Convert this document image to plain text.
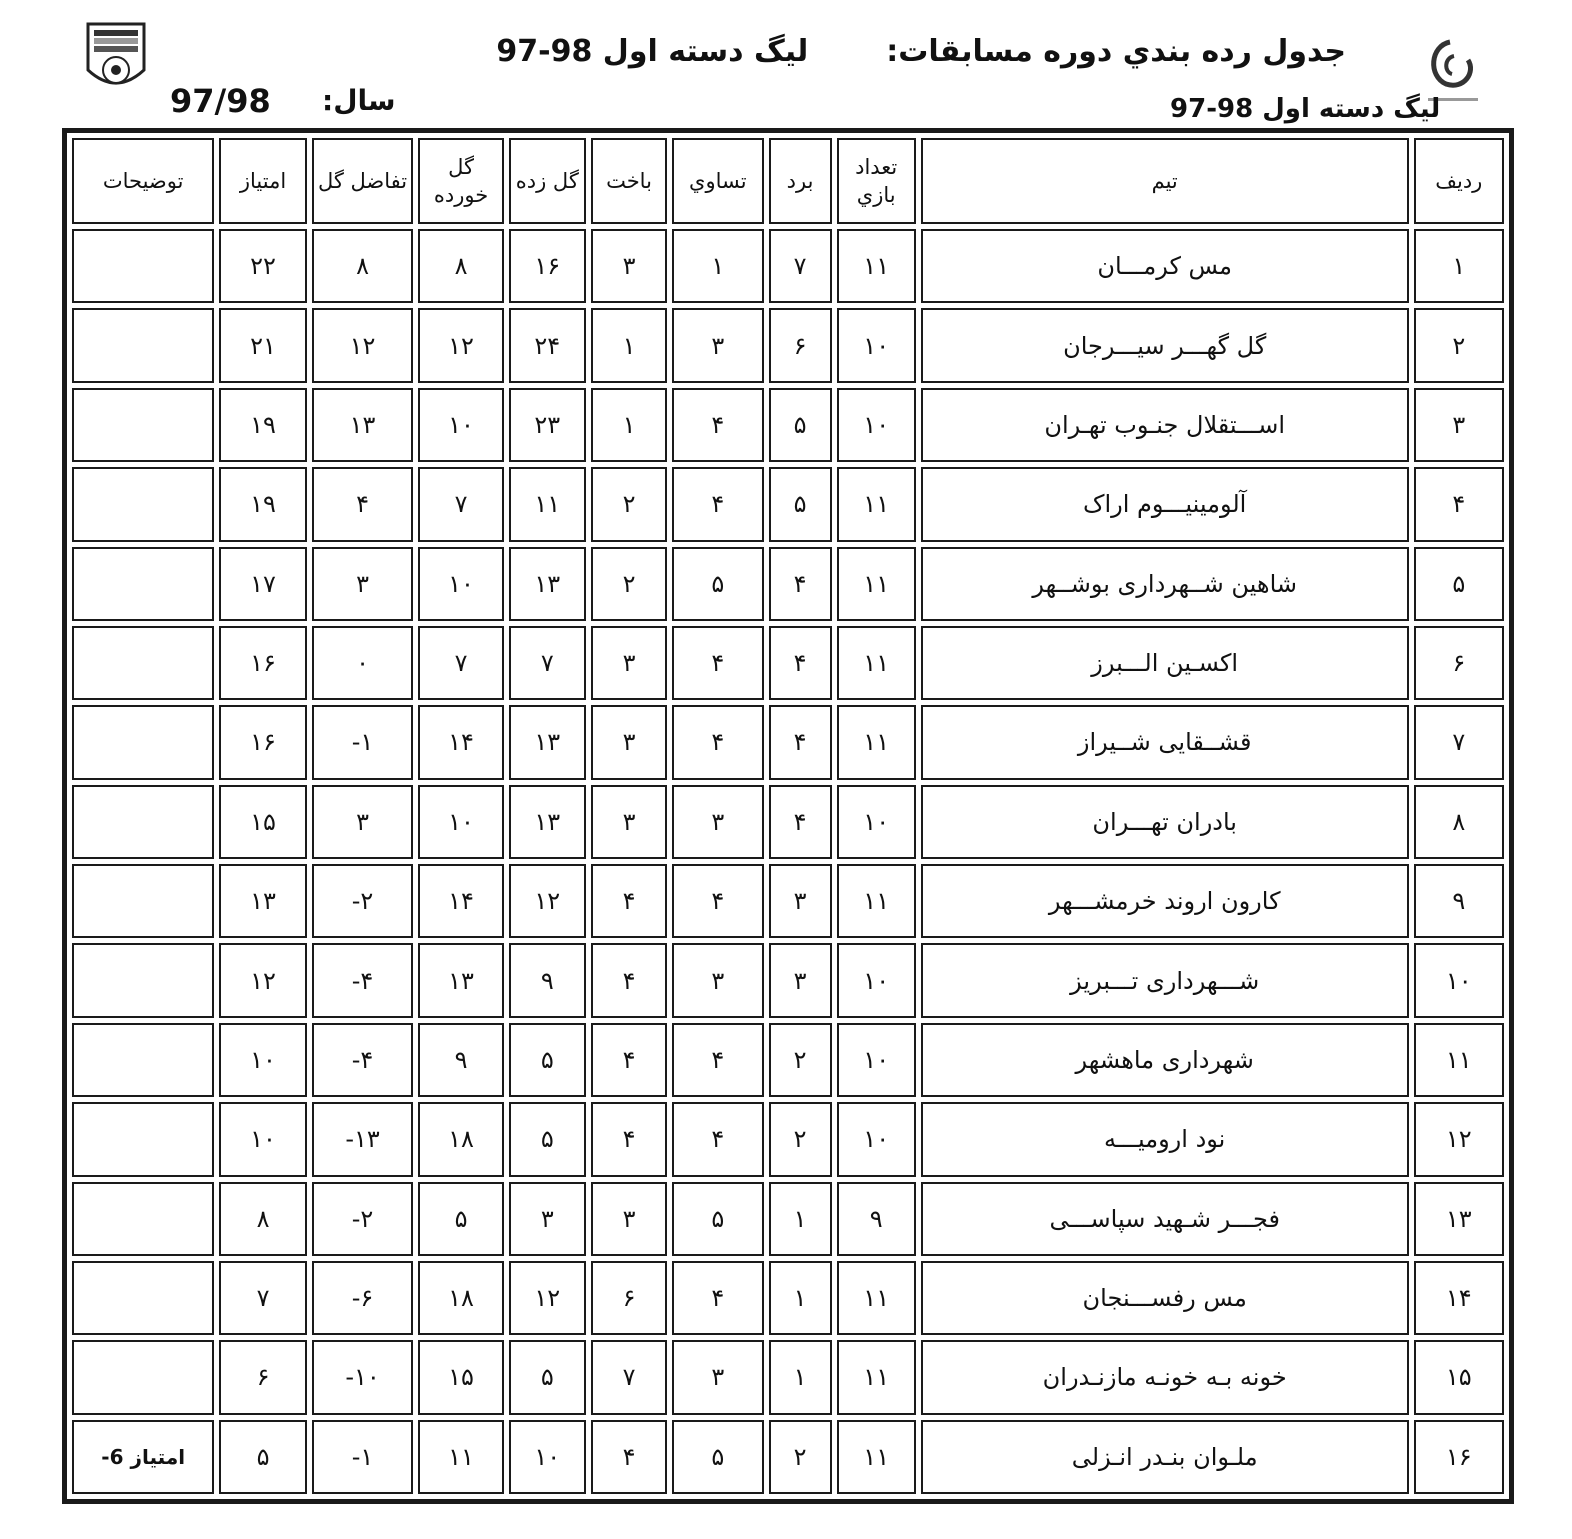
جدول رده بندي دوره مسابقات:ليگ دسته اول 98-97
سال:
97/98	ليگ دسته اول 98-97
رديف	تيم	تعداد بازي	برد	تساوي	باخت	گل زده	گل خورده	تفاضل گل	امتياز	توضيحات
۱	مس کرمـــان	۱۱	۷	۱	۳	۱۶	۸	۸	۲۲	
۲	گل گهـــر سيـــرجان	۱۰	۶	۳	۱	۲۴	۱۲	۱۲	۲۱	
۳	اســـتقلال جنـوب تهـران	۱۰	۵	۴	۱	۲۳	۱۰	۱۳	۱۹	
۴	آلومينيـــوم اراک	۱۱	۵	۴	۲	۱۱	۷	۴	۱۹	
۵	شاهين شــهرداری بوشــهر	۱۱	۴	۵	۲	۱۳	۱۰	۳	۱۷	
۶	اکسـين الـــبرز	۱۱	۴	۴	۳	۷	۷	۰	۱۶	
۷	قشــقايی شــيراز	۱۱	۴	۴	۳	۱۳	۱۴	۱-	۱۶	
۸	بادران تهـــران	۱۰	۴	۳	۳	۱۳	۱۰	۳	۱۵	
۹	کارون اروند خرمشـــهر	۱۱	۳	۴	۴	۱۲	۱۴	۲-	۱۳	
۱۰	شـــهرداری تـــبريز	۱۰	۳	۳	۴	۹	۱۳	۴-	۱۲	
۱۱	شهرداری ماهشهر	۱۰	۲	۴	۴	۵	۹	۴-	۱۰	
۱۲	نود اروميـــه	۱۰	۲	۴	۴	۵	۱۸	۱۳-	۱۰	
۱۳	فجـــر شـهيد سپاســـی	۹	۱	۵	۳	۳	۵	۲-	۸	
۱۴	مس رفســـنجان	۱۱	۱	۴	۶	۱۲	۱۸	۶-	۷	
۱۵	خونه بـه خونـه مازنـدران	۱۱	۱	۳	۷	۵	۱۵	۱۰-	۶	
۱۶	ملـوان بنـدر انـزلی	۱۱	۲	۵	۴	۱۰	۱۱	۱-	۵	امتياز 6-
